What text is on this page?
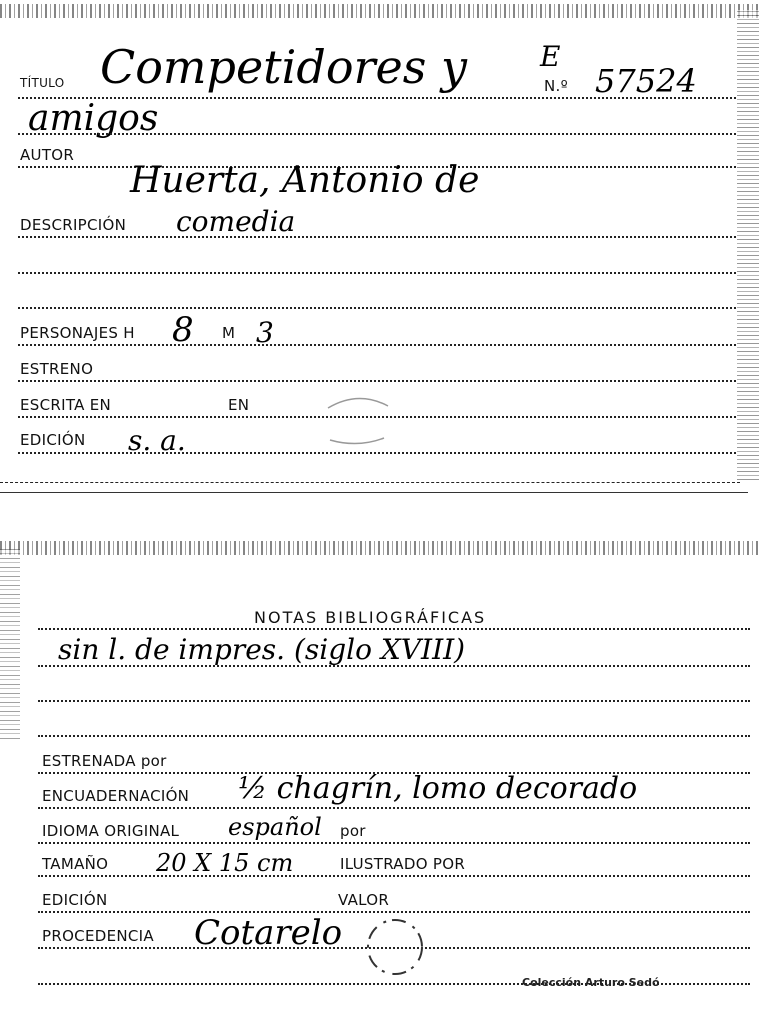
TÍTULO Competidores y	E
N.º 57524
amigos
AUTOR
Huerta, Antonio de
DESCRIPCIÓN comedia
PERSONAJES H 8 M 3
ESTRENO
ESCRITA EN	EN
EDICIÓN s. a.
NOTAS BIBLIOGRÁFICAS
sin l. de impres. (siglo XVIII)
ESTRENADA por
ENCUADERNACIÓN ½ chagrín, lomo decorado
IDIOMA ORIGINAL español por
TAMAÑO 20 X 15 cm	ILUSTRADO POR
EDICIÓN	VALOR
PROCEDENCIA Cotarelo
Colección Arturo Sedó
